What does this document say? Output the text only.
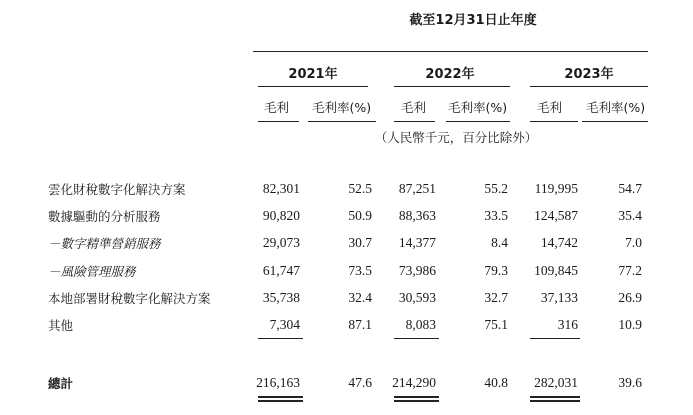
截至12月31日止年度
2021年	2022年	2023年
毛利 毛利率(%) 毛利 毛利率(%) 毛利 毛利率(%)
（人民幣千元，百分比除外）
雲化財稅數字化解決方案	82,301	52.5	87,251	55.2	119,995	54.7
數據驅動的分析服務	90,820	50.9	88,363	33.5	124,587	35.4
－數字精準營銷服務	29,073	30.7	14,377	8.4	14,742	7.0
－風險管理服務	61,747	73.5	73,986	79.3	109,845	77.2
本地部署財稅數字化解決方案	35,738	32.4	30,593	32.7	37,133	26.9
其他	7,304	87.1	8,083	75.1	316	10.9
總計	216,163	47.6	214,290	40.8	282,031	39.6
